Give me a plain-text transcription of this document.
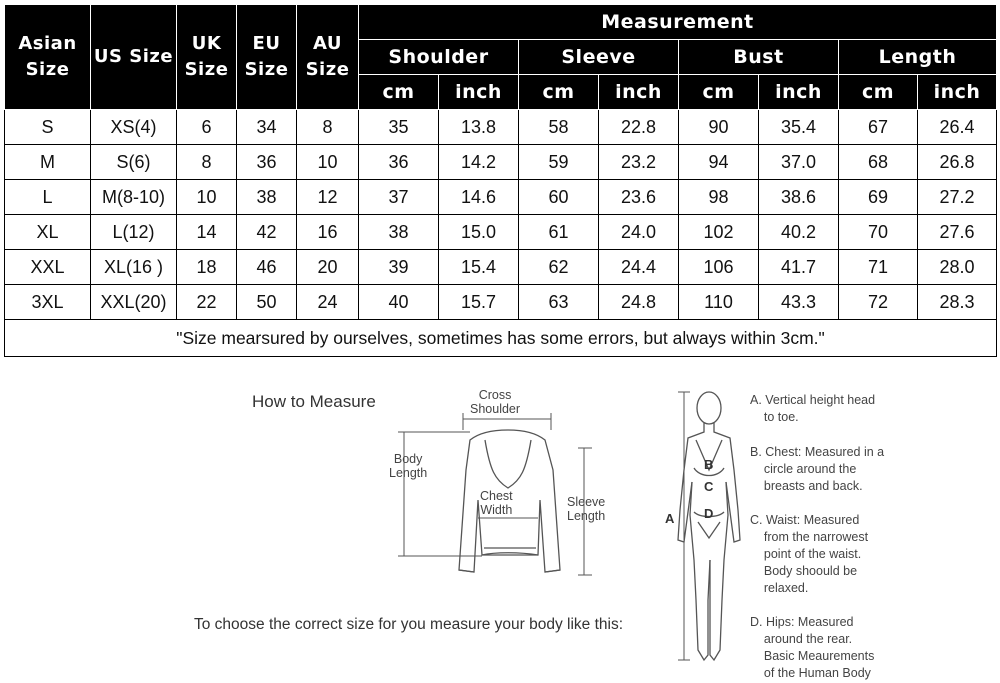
Asian Size	US Size	UK Size	EU Size	AU Size	Measurement							
					Shoulder		Sleeve		Bust		Length	
					cm	inch	cm	inch	cm	inch	cm	inch
S	XS(4)	6	34	8	35	13.8	58	22.8	90	35.4	67	26.4
M	S(6)	8	36	10	36	14.2	59	23.2	94	37.0	68	26.8
L	M(8-10)	10	38	12	37	14.6	60	23.6	98	38.6	69	27.2
XL	L(12)	14	42	16	38	15.0	61	24.0	102	40.2	70	27.6
XXL	XL(16 )	18	46	20	39	15.4	62	24.4	106	41.7	71	28.0
3XL	XXL(20)	22	50	24	40	15.7	63	24.8	110	43.3	72	28.3
"Size mearsured by ourselves, sometimes has some errors, but always within 3cm."												
How to Measure	Cross
Shoulder
Body
Length
Chest
Width
Sleeve
Length	A
B
C
D
A. Vertical height head
to toe.
B. Chest: Measured in a
circle around the
breasts and back.
C. Waist: Measured
from the narrowest
point of the waist.
Body shoould be
relaxed.
D. Hips: Measured
around the rear.
Basic Meaurements
of the Human Body
To choose the correct size for you measure your body like this:
